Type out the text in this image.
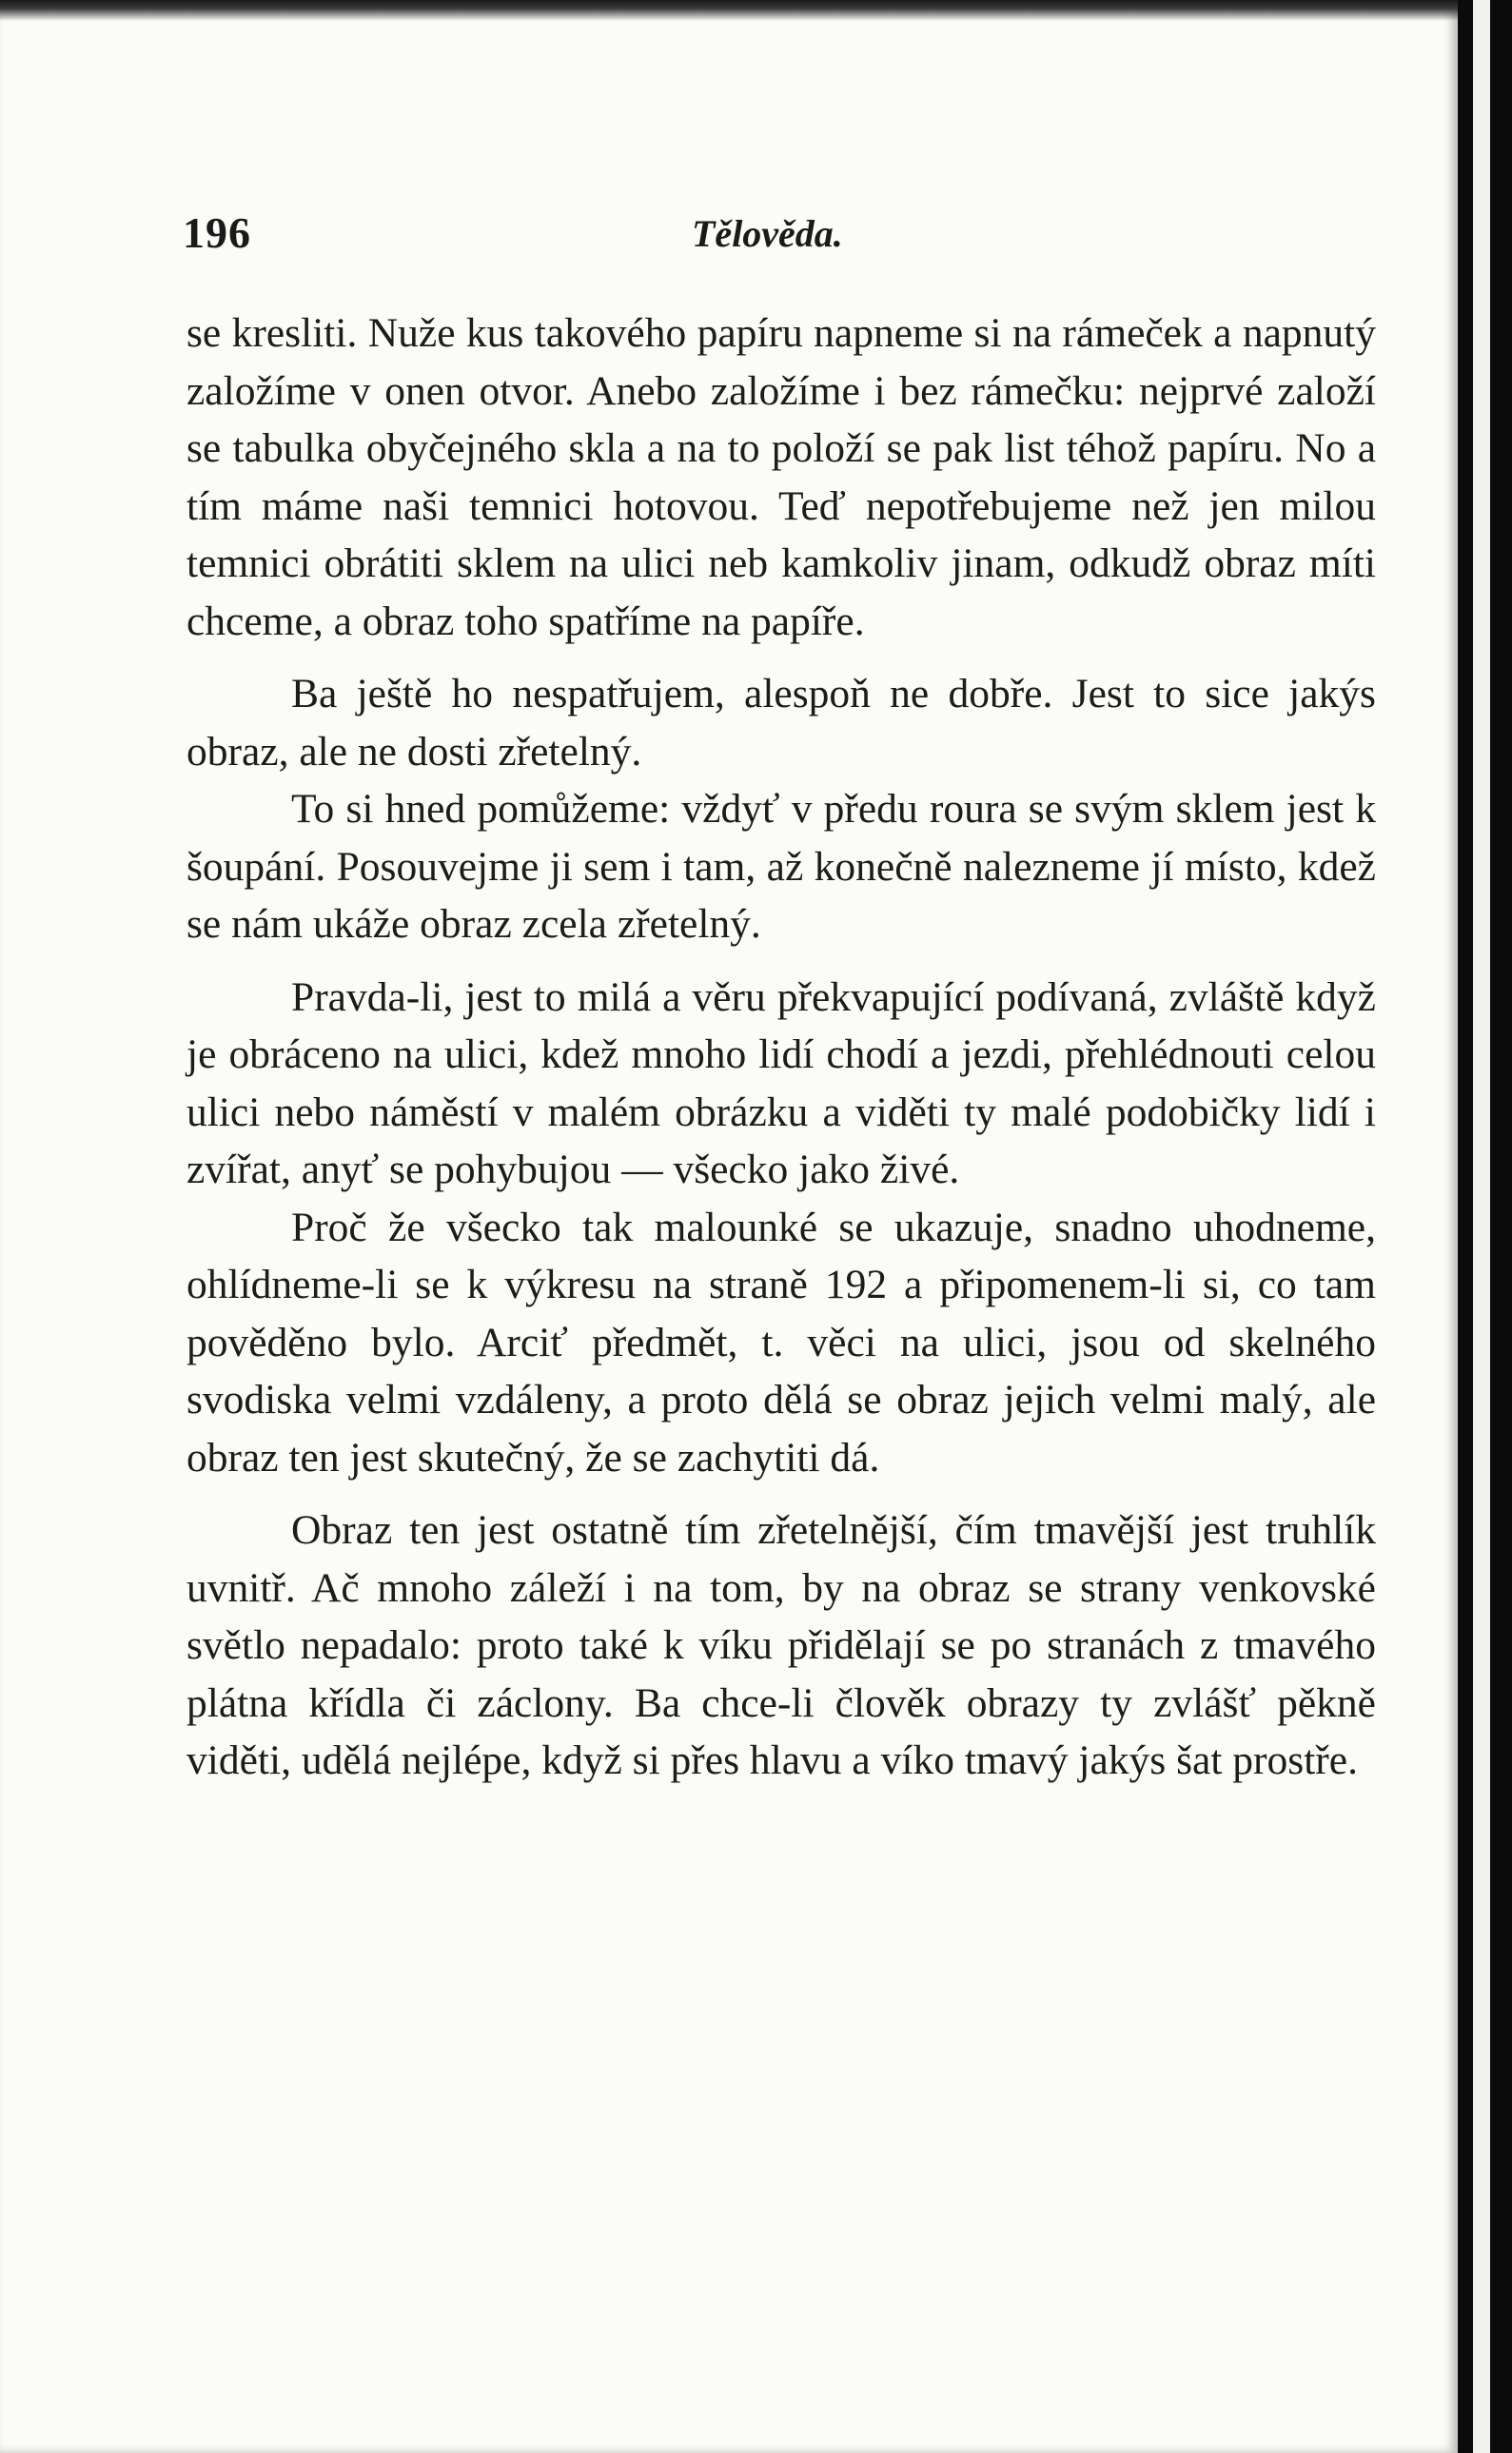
196	Tělověda.

se kresliti. Nuže kus takového papíru napneme si na rámeček a napnutý založíme v onen otvor. Anebo založíme i bez rámečku: nejprvé založí se tabulka obyčejného skla a na to položí se pak list téhož papíru. No a tím máme naši temnici hotovou. Teď nepotřebujeme než jen milou temnici obrátiti sklem na ulici neb kamkoliv jinam, odkudž obraz míti chceme, a obraz toho spatříme na papíře.

Ba ještě ho nespatřujem, alespoň ne dobře. Jest to sice jakýs obraz, ale ne dosti zřetelný.

To si hned pomůžeme: vždyť v předu roura se svým sklem jest k šoupání. Posouvejme ji sem i tam, až konečně nalezneme jí místo, kdež se nám ukáže obraz zcela zřetelný.

Pravda-li, jest to milá a věru překvapující podívaná, zvláště když je obráceno na ulici, kdež mnoho lidí chodí a jezdi, přehlédnouti celou ulici nebo náměstí v malém obrázku a viděti ty malé podobičky lidí i zvířat, anyť se pohybujou — všecko jako živé.

Proč že všecko tak malounké se ukazuje, snadno uhodneme, ohlídneme-li se k výkresu na straně 192 a připomenem-li si, co tam pověděno bylo. Arciť předmět, t. věci na ulici, jsou od skelného svodiska velmi vzdáleny, a proto dělá se obraz jejich velmi malý, ale obraz ten jest skutečný, že se zachytiti dá.

Obraz ten jest ostatně tím zřetelnější, čím tmavější jest truhlík uvnitř. Ač mnoho záleží i na tom, by na obraz se strany venkovské světlo nepadalo: proto také k víku přidělají se po stranách z tmavého plátna křídla či záclony. Ba chce-li člověk obrazy ty zvlášť pěkně viděti, udělá nejlépe, když si přes hlavu a víko tmavý jakýs šat prostře.
